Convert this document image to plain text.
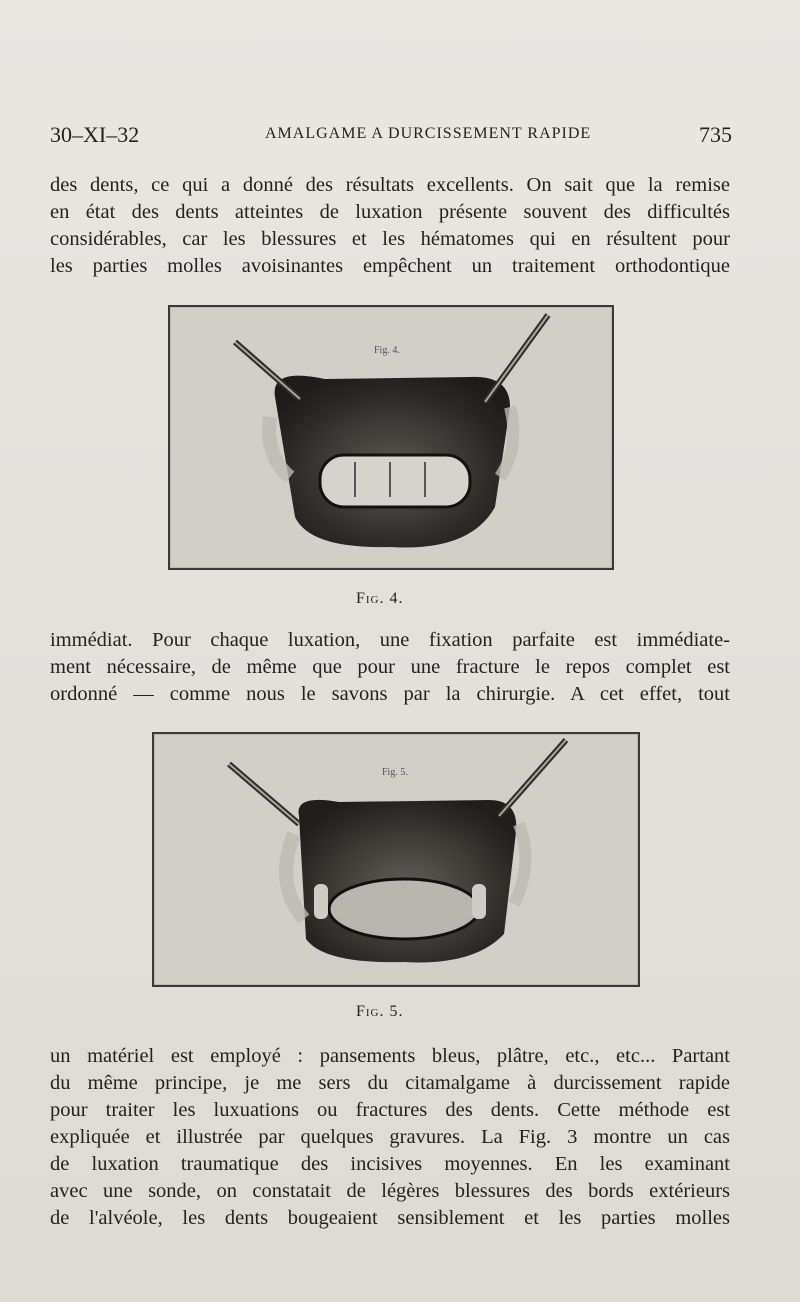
30–XI–32	AMALGAME A DURCISSEMENT RAPIDE	735
des dents, ce qui a donné des résultats excellents. On sait que la remise
en état des dents atteintes de luxation présente souvent des difficultés
considérables, car les blessures et les hématomes qui en résultent pour
les parties molles avoisinantes empêchent un traitement orthodontique
Fig. 4.
Fig. 4.
immédiat. Pour chaque luxation, une fixation parfaite est immédiate-
ment nécessaire, de même que pour une fracture le repos complet est
ordonné — comme nous le savons par la chirurgie. A cet effet, tout
Fig. 5.
Fig. 5.
un matériel est employé : pansements bleus, plâtre, etc., etc... Partant
du même principe, je me sers du citamalgame à durcissement rapide
pour traiter les luxuations ou fractures des dents. Cette méthode est
expliquée et illustrée par quelques gravures. La Fig. 3 montre un cas
de luxation traumatique des incisives moyennes. En les examinant
avec une sonde, on constatait de légères blessures des bords extérieurs
de l'alvéole, les dents bougeaient sensiblement et les parties molles
